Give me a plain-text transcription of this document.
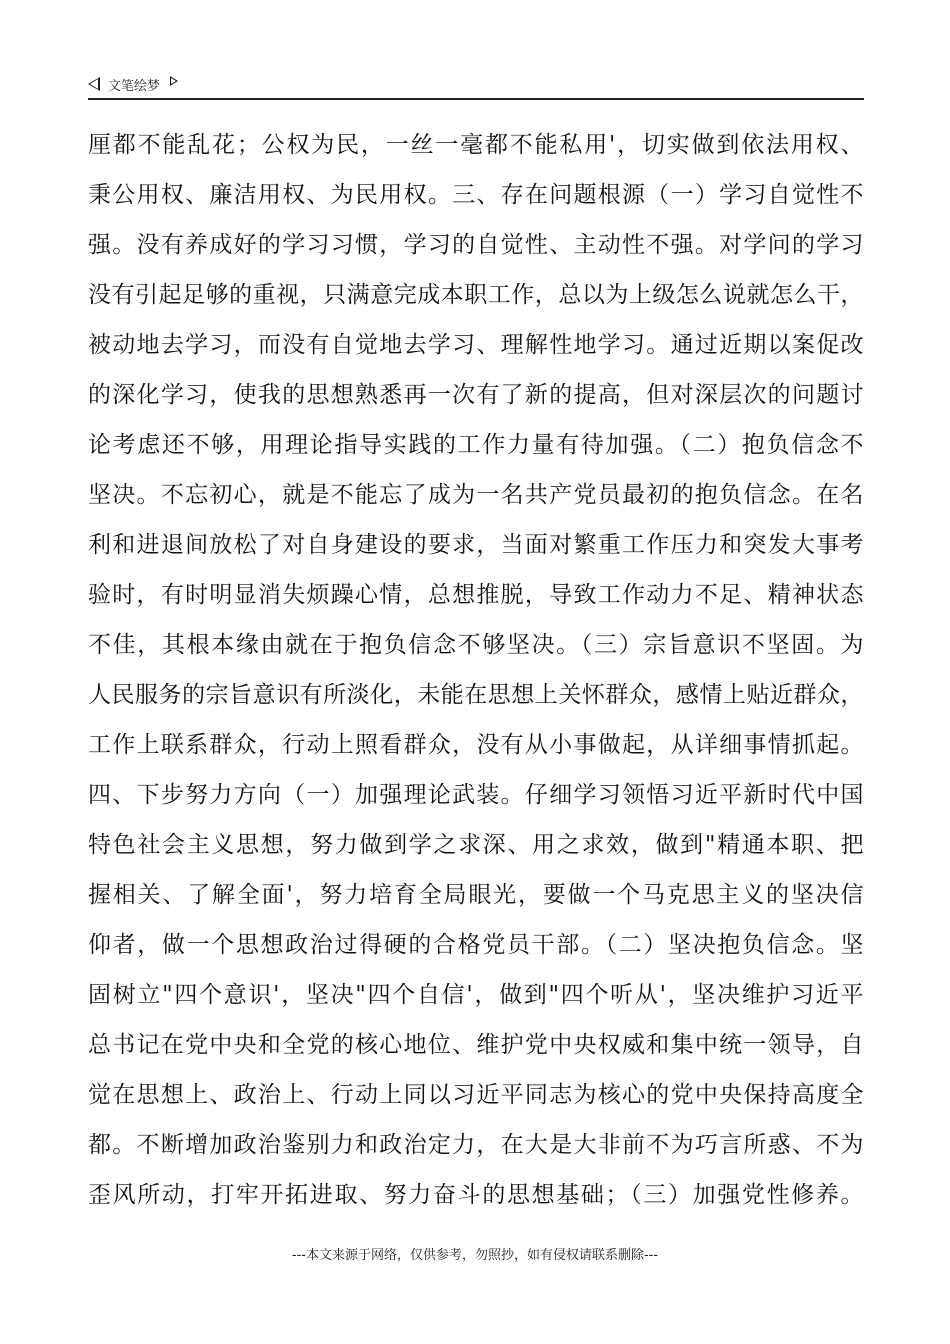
文笔绘梦
厘都不能乱花；公权为民，一丝一毫都不能私用'，切实做到依法用权、
秉公用权、廉洁用权、为民用权。三、存在问题根源（一）学习自觉性不
强。没有养成好的学习习惯，学习的自觉性、主动性不强。对学问的学习
没有引起足够的重视，只满意完成本职工作，总以为上级怎么说就怎么干，
被动地去学习，而没有自觉地去学习、理解性地学习。通过近期以案促改
的深化学习，使我的思想熟悉再一次有了新的提高，但对深层次的问题讨
论考虑还不够，用理论指导实践的工作力量有待加强。（二）抱负信念不
坚决。不忘初心，就是不能忘了成为一名共产党员最初的抱负信念。在名
利和进退间放松了对自身建设的要求，当面对繁重工作压力和突发大事考
验时，有时明显消失烦躁心情，总想推脱，导致工作动力不足、精神状态
不佳，其根本缘由就在于抱负信念不够坚决。（三）宗旨意识不坚固。为
人民服务的宗旨意识有所淡化，未能在思想上关怀群众，感情上贴近群众，
工作上联系群众，行动上照看群众，没有从小事做起，从详细事情抓起。
四、下步努力方向（一）加强理论武装。仔细学习领悟习近平新时代中国
特色社会主义思想，努力做到学之求深、用之求效，做到"精通本职、把
握相关、了解全面'，努力培育全局眼光，要做一个马克思主义的坚决信
仰者，做一个思想政治过得硬的合格党员干部。（二）坚决抱负信念。坚
固树立"四个意识'，坚决"四个自信'，做到"四个听从'，坚决维护习近平
总书记在党中央和全党的核心地位、维护党中央权威和集中统一领导，自
觉在思想上、政治上、行动上同以习近平同志为核心的党中央保持高度全
都。不断增加政治鉴别力和政治定力，在大是大非前不为巧言所惑、不为
歪风所动，打牢开拓进取、努力奋斗的思想基础；（三）加强党性修养。
---本文来源于网络，仅供参考，勿照抄，如有侵权请联系删除---
